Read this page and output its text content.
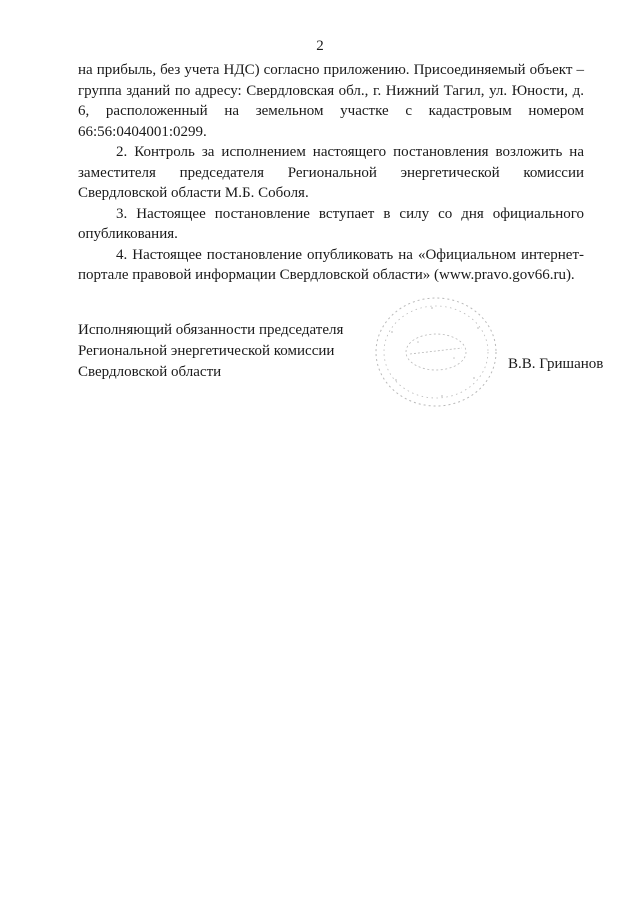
2

на прибыль, без учета НДС) согласно приложению. Присоединяемый объект – группа зданий по адресу: Свердловская обл., г. Нижний Тагил, ул. Юности, д. 6, расположенный на земельном участке с кадастровым номером 66:56:0404001:0299.

2. Контроль за исполнением настоящего постановления возложить на заместителя председателя Региональной энергетической комиссии Свердловской области М.Б. Соболя.

3. Настоящее постановление вступает в силу со дня официального опубликования.

4. Настоящее постановление опубликовать на «Официальном интернет-портале правовой информации Свердловской области» (www.pravo.gov66.ru).

Исполняющий обязанности председателя
Региональной энергетической комиссии
Свердловской области	В.В. Гришанов
